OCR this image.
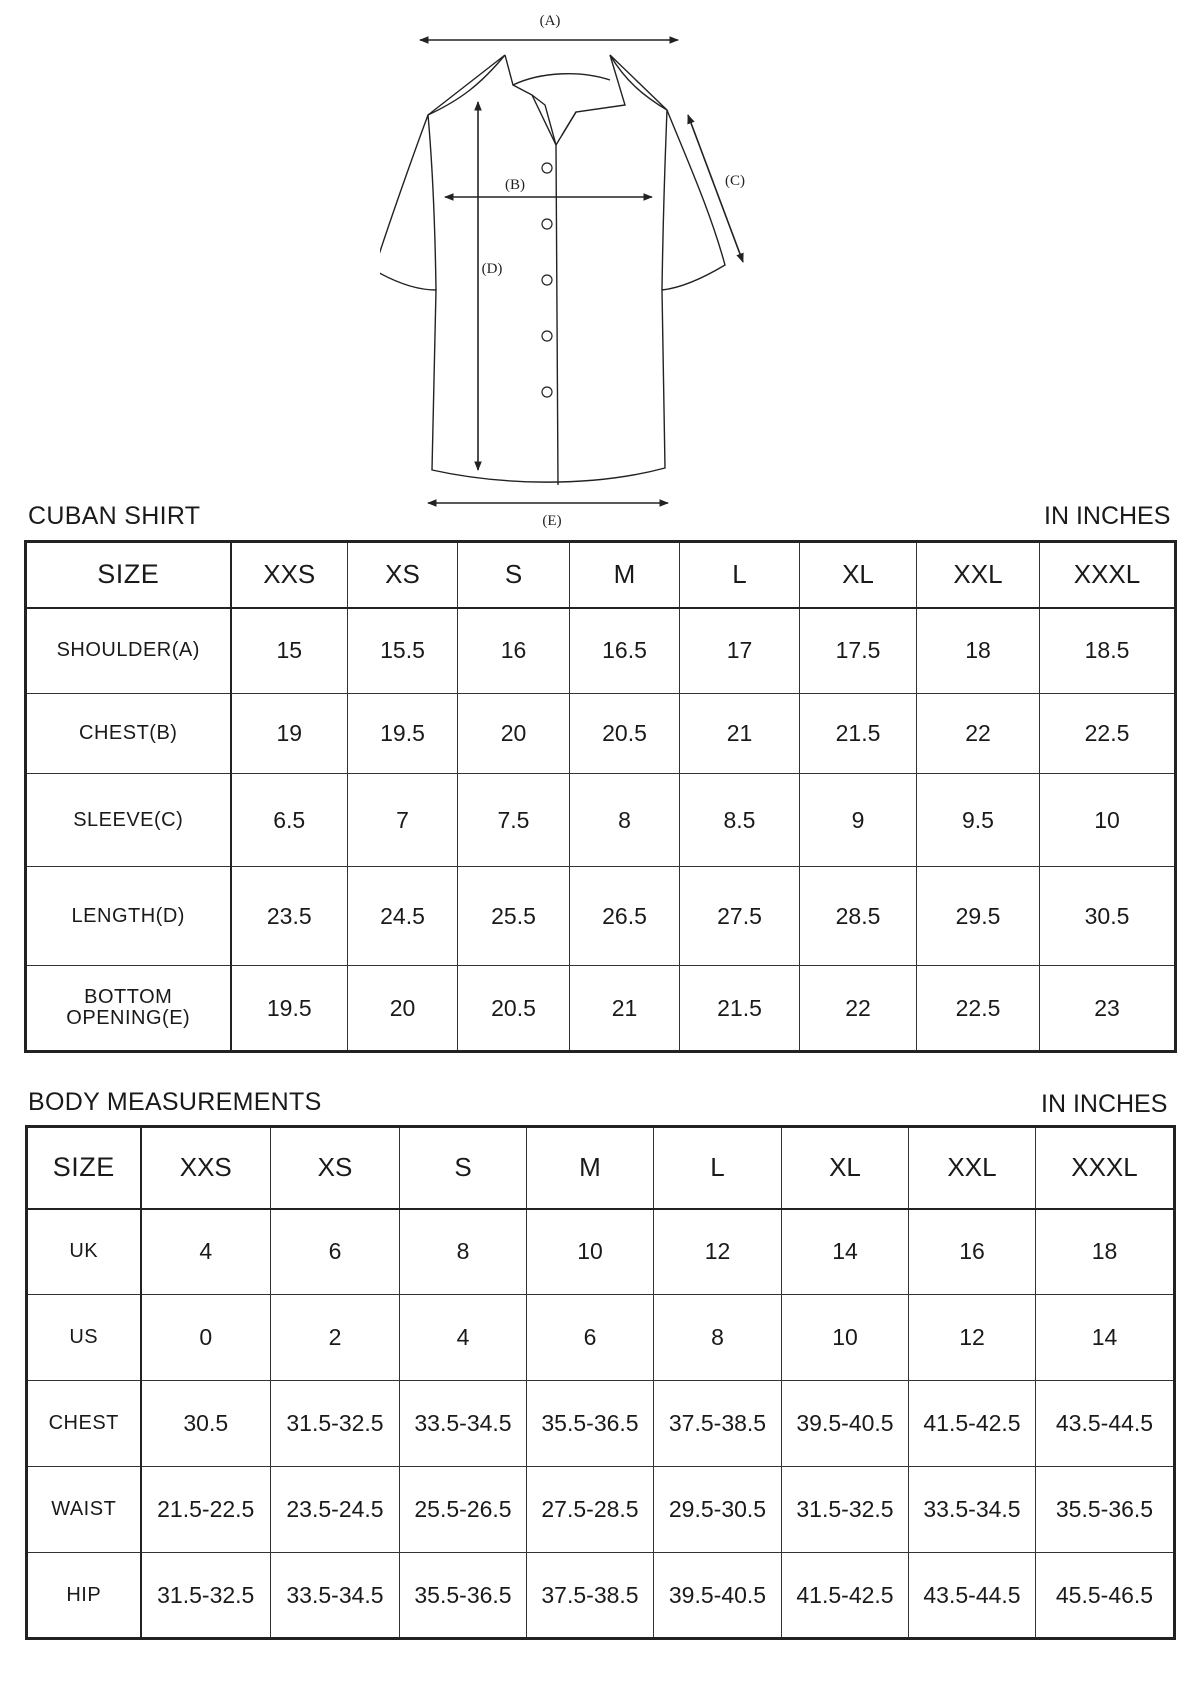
(A)
(B)	(C)
(D)
(E)
CUBAN SHIRT	IN INCHES
SIZE	XXS	XS	S	M	L	XL	XXL	XXXL
SHOULDER(A)	15	15.5	16	16.5	17	17.5	18	18.5
CHEST(B)	19	19.5	20	20.5	21	21.5	22	22.5
SLEEVE(C)	6.5	7	7.5	8	8.5	9	9.5	10
LENGTH(D)	23.5	24.5	25.5	26.5	27.5	28.5	29.5	30.5

BOTTOM
OPENING(E)	19.5	20	20.5	21	21.5	22	22.5	23
BODY MEASUREMENTS	IN INCHES
SIZE	XXS	XS	S	M	L	XL	XXL	XXXL
UK	4	6	8	10	12	14	16	18
US	0	2	4	6	8	10	12	14
CHEST	30.5	31.5-32.5	33.5-34.5	35.5-36.5	37.5-38.5	39.5-40.5	41.5-42.5	43.5-44.5
WAIST	21.5-22.5	23.5-24.5	25.5-26.5	27.5-28.5	29.5-30.5	31.5-32.5	33.5-34.5	35.5-36.5
HIP	31.5-32.5	33.5-34.5	35.5-36.5	37.5-38.5	39.5-40.5	41.5-42.5	43.5-44.5	45.5-46.5
